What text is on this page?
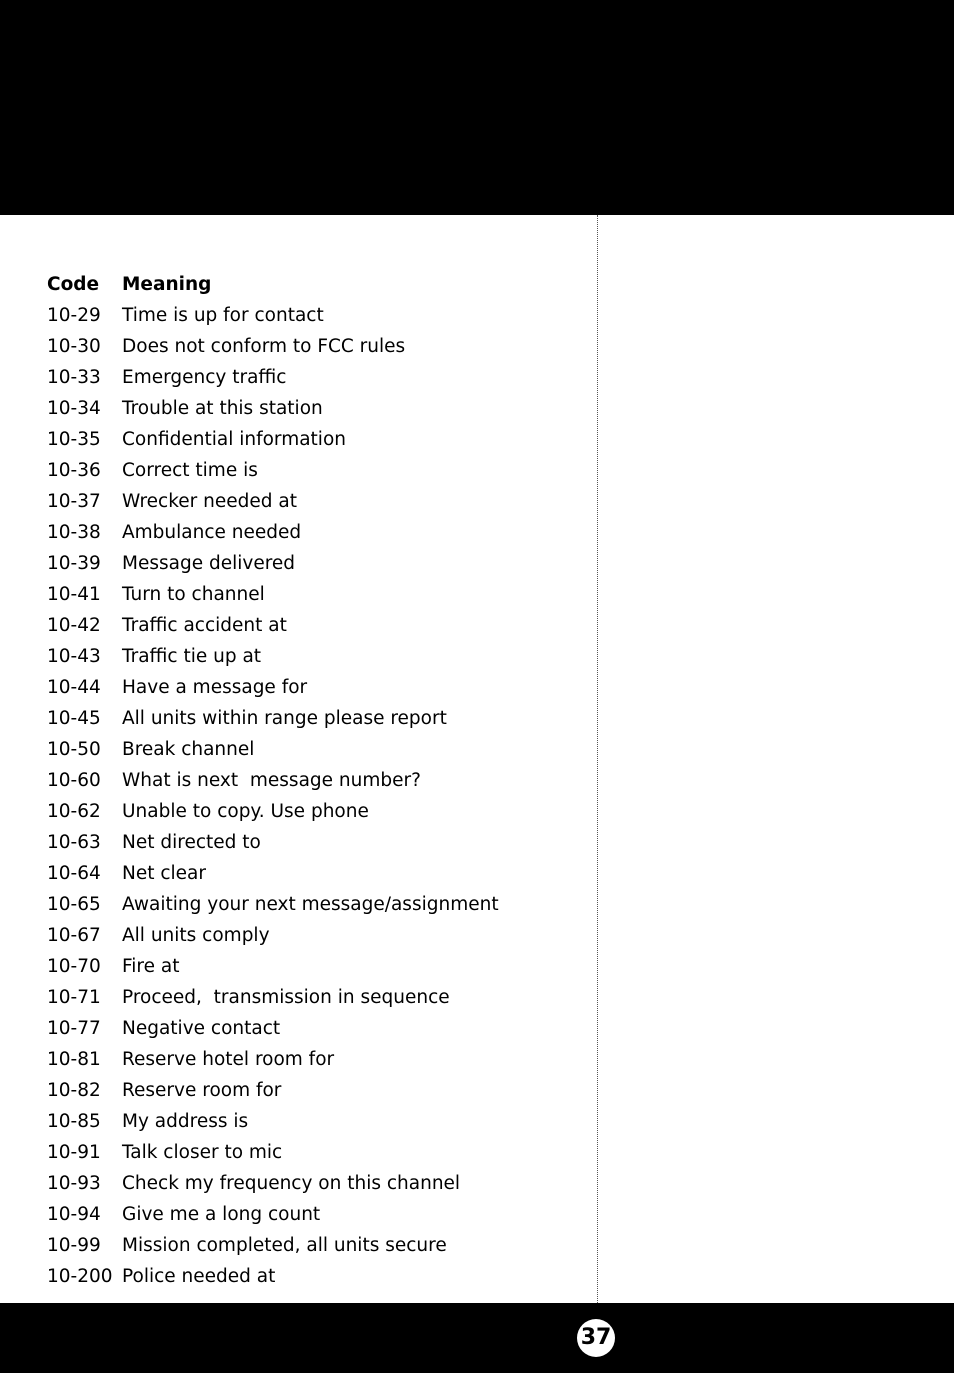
Code Meaning
10-29 Time is up for contact
10-30 Does not conform to FCC rules
10-33 Emergency traffic
10-34 Trouble at this station
10-35 Confidential information
10-36 Correct time is
10-37 Wrecker needed at
10-38 Ambulance needed
10-39 Message delivered
10-41 Turn to channel
10-42 Traffic accident at
10-43 Traffic tie up at
10-44 Have a message for
10-45 All units within range please report
10-50 Break channel
10-60 What is next  message number?
10-62 Unable to copy. Use phone
10-63 Net directed to
10-64 Net clear
10-65 Awaiting your next message/assignment
10-67 All units comply
10-70 Fire at
10-71 Proceed,  transmission in sequence
10-77 Negative contact
10-81 Reserve hotel room for
10-82 Reserve room for
10-85 My address is
10-91 Talk closer to mic
10-93 Check my frequency on this channel
10-94 Give me a long count
10-99 Mission completed, all units secure
10-200 Police needed at
37
